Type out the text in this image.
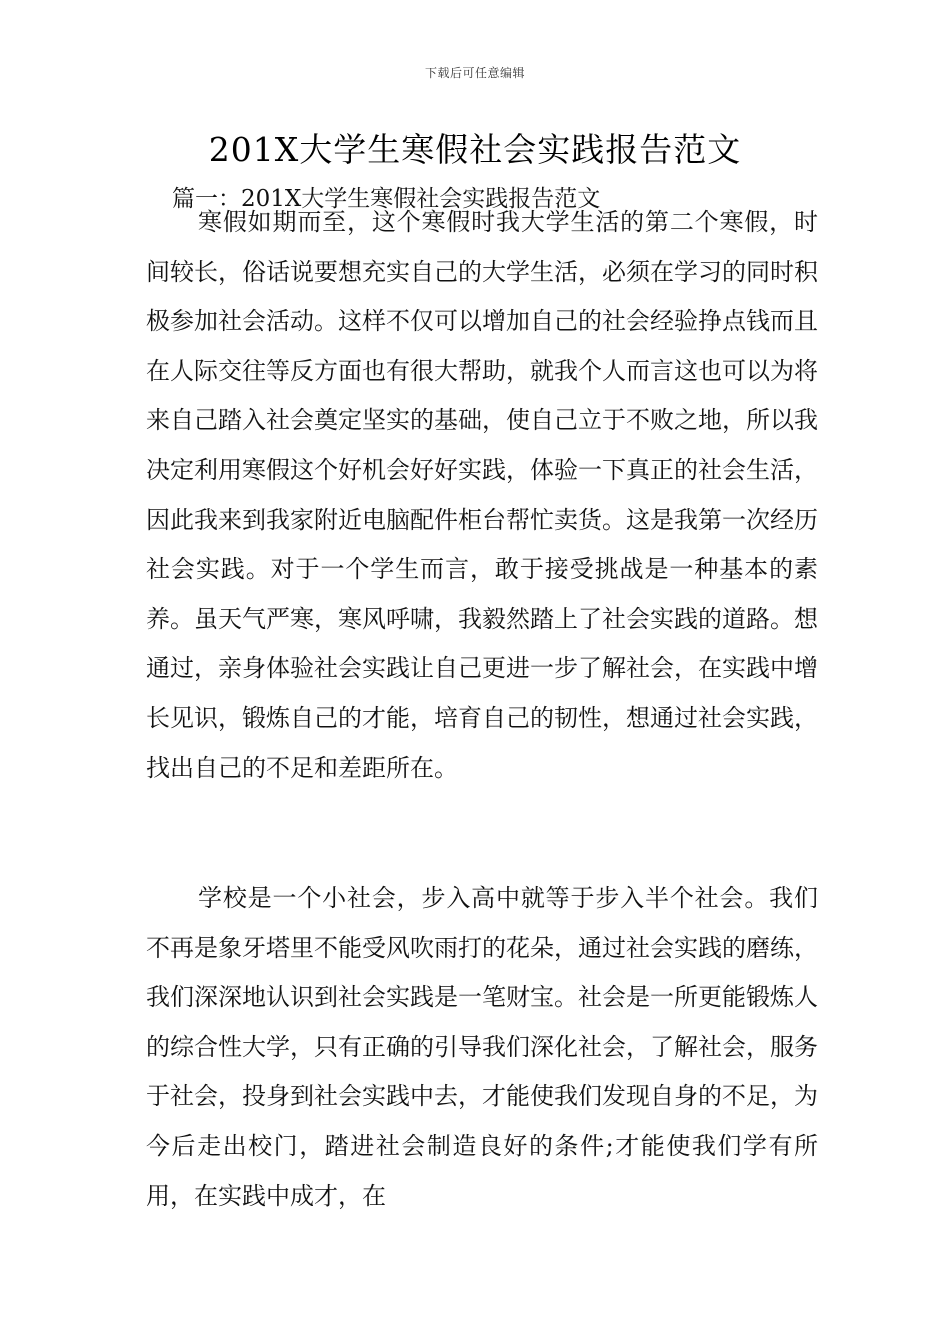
下载后可任意编辑
201X大学生寒假社会实践报告范文
篇一：201X大学生寒假社会实践报告范文

寒假如期而至，这个寒假时我大学生活的第二个寒假，时间较长，俗话说要想充实自己的大学生活，必须在学习的同时积极参加社会活动。这样不仅可以增加自己的社会经验挣点钱而且在人际交往等反方面也有很大帮助，就我个人而言这也可以为将来自己踏入社会奠定坚实的基础，使自己立于不败之地，所以我决定利用寒假这个好机会好好实践，体验一下真正的社会生活，因此我来到我家附近电脑配件柜台帮忙卖货。这是我第一次经历社会实践。对于一个学生而言，敢于接受挑战是一种基本的素养。虽天气严寒，寒风呼啸，我毅然踏上了社会实践的道路。想通过，亲身体验社会实践让自己更进一步了解社会，在实践中增长见识，锻炼自己的才能，培育自己的韧性，想通过社会实践，找出自己的不足和差距所在。

学校是一个小社会，步入高中就等于步入半个社会。我们不再是象牙塔里不能受风吹雨打的花朵，通过社会实践的磨练，我们深深地认识到社会实践是一笔财宝。社会是一所更能锻炼人的综合性大学，只有正确的引导我们深化社会，了解社会，服务于社会，投身到社会实践中去，才能使我们发现自身的不足，为今后走出校门，踏进社会制造良好的条件;才能使我们学有所用，在实践中成才，在
